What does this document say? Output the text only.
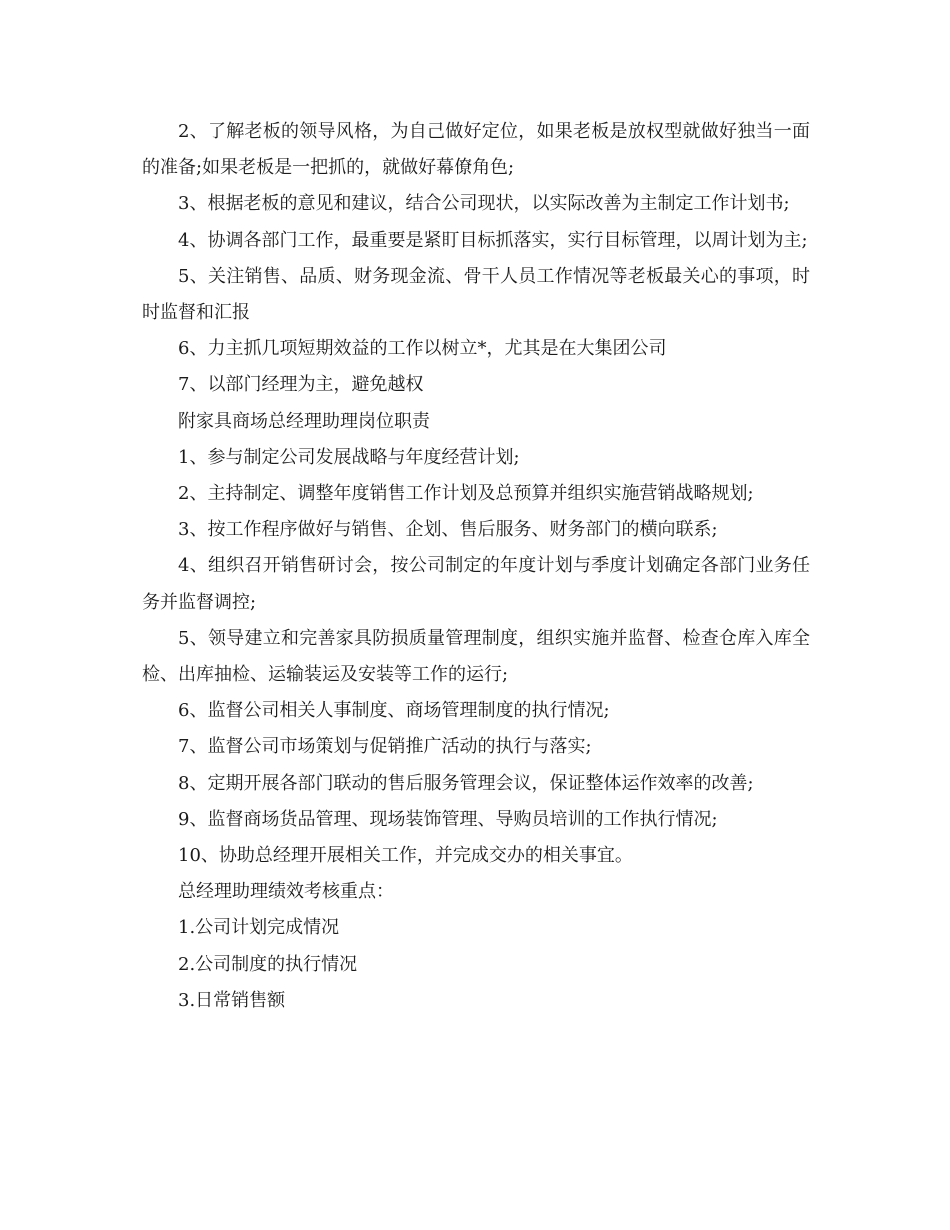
2、了解老板的领导风格，为自己做好定位，如果老板是放权型就做好独当一面的准备;如果老板是一把抓的，就做好幕僚角色;

3、根据老板的意见和建议，结合公司现状，以实际改善为主制定工作计划书;

4、协调各部门工作，最重要是紧盯目标抓落实，实行目标管理，以周计划为主;

5、关注销售、品质、财务现金流、骨干人员工作情况等老板最关心的事项，时时监督和汇报

6、力主抓几项短期效益的工作以树立*，尤其是在大集团公司

7、以部门经理为主，避免越权

附家具商场总经理助理岗位职责

1、参与制定公司发展战略与年度经营计划;

2、主持制定、调整年度销售工作计划及总预算并组织实施营销战略规划;

3、按工作程序做好与销售、企划、售后服务、财务部门的横向联系;

4、组织召开销售研讨会，按公司制定的年度计划与季度计划确定各部门业务任务并监督调控;

5、领导建立和完善家具防损质量管理制度，组织实施并监督、检查仓库入库全检、出库抽检、运输装运及安装等工作的运行;

6、监督公司相关人事制度、商场管理制度的执行情况;

7、监督公司市场策划与促销推广活动的执行与落实;

8、定期开展各部门联动的售后服务管理会议，保证整体运作效率的改善;

9、监督商场货品管理、现场装饰管理、导购员培训的工作执行情况;

10、协助总经理开展相关工作，并完成交办的相关事宜。

总经理助理绩效考核重点：

1.公司计划完成情况

2.公司制度的执行情况

3.日常销售额
